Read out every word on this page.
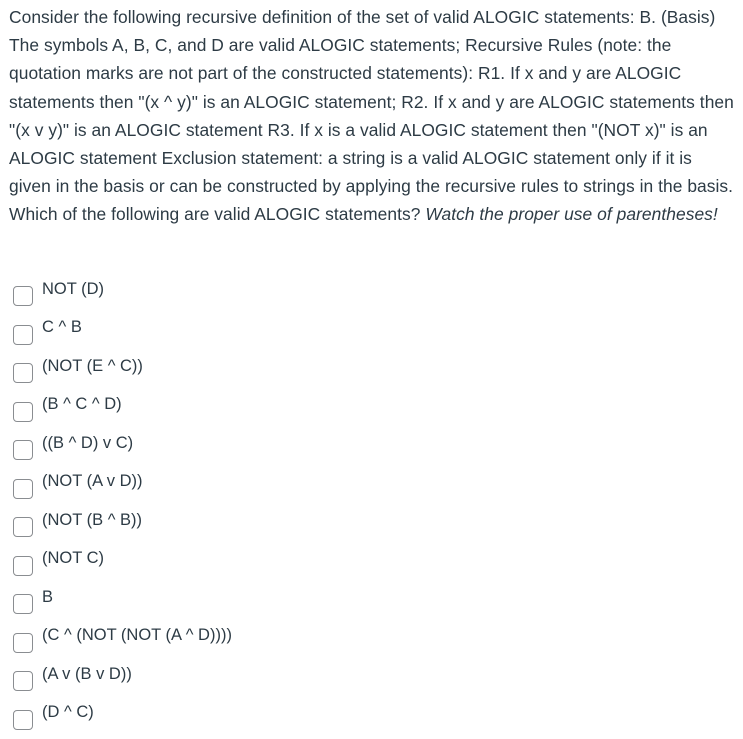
Consider the following recursive definition of the set of valid ALOGIC statements: B. (Basis) The symbols A, B, C, and D are valid ALOGIC statements; Recursive Rules (note: the quotation marks are not part of the constructed statements): R1. If x and y are ALOGIC statements then "(x ^ y)" is an ALOGIC statement; R2. If x and y are ALOGIC statements then "(x v y)" is an ALOGIC statement R3. If x is a valid ALOGIC statement then "(NOT x)" is an ALOGIC statement Exclusion statement: a string is a valid ALOGIC statement only if it is given in the basis or can be constructed by applying the recursive rules to strings in the basis. Which of the following are valid ALOGIC statements? Watch the proper use of parentheses!
NOT (D)
C ^ B
(NOT (E ^ C))
(B ^ C ^ D)
((B ^ D) v C)
(NOT (A v D))
(NOT (B ^ B))
(NOT C)
B
(C ^ (NOT (NOT (A ^ D))))
(A v (B v D))
(D ^ C)
